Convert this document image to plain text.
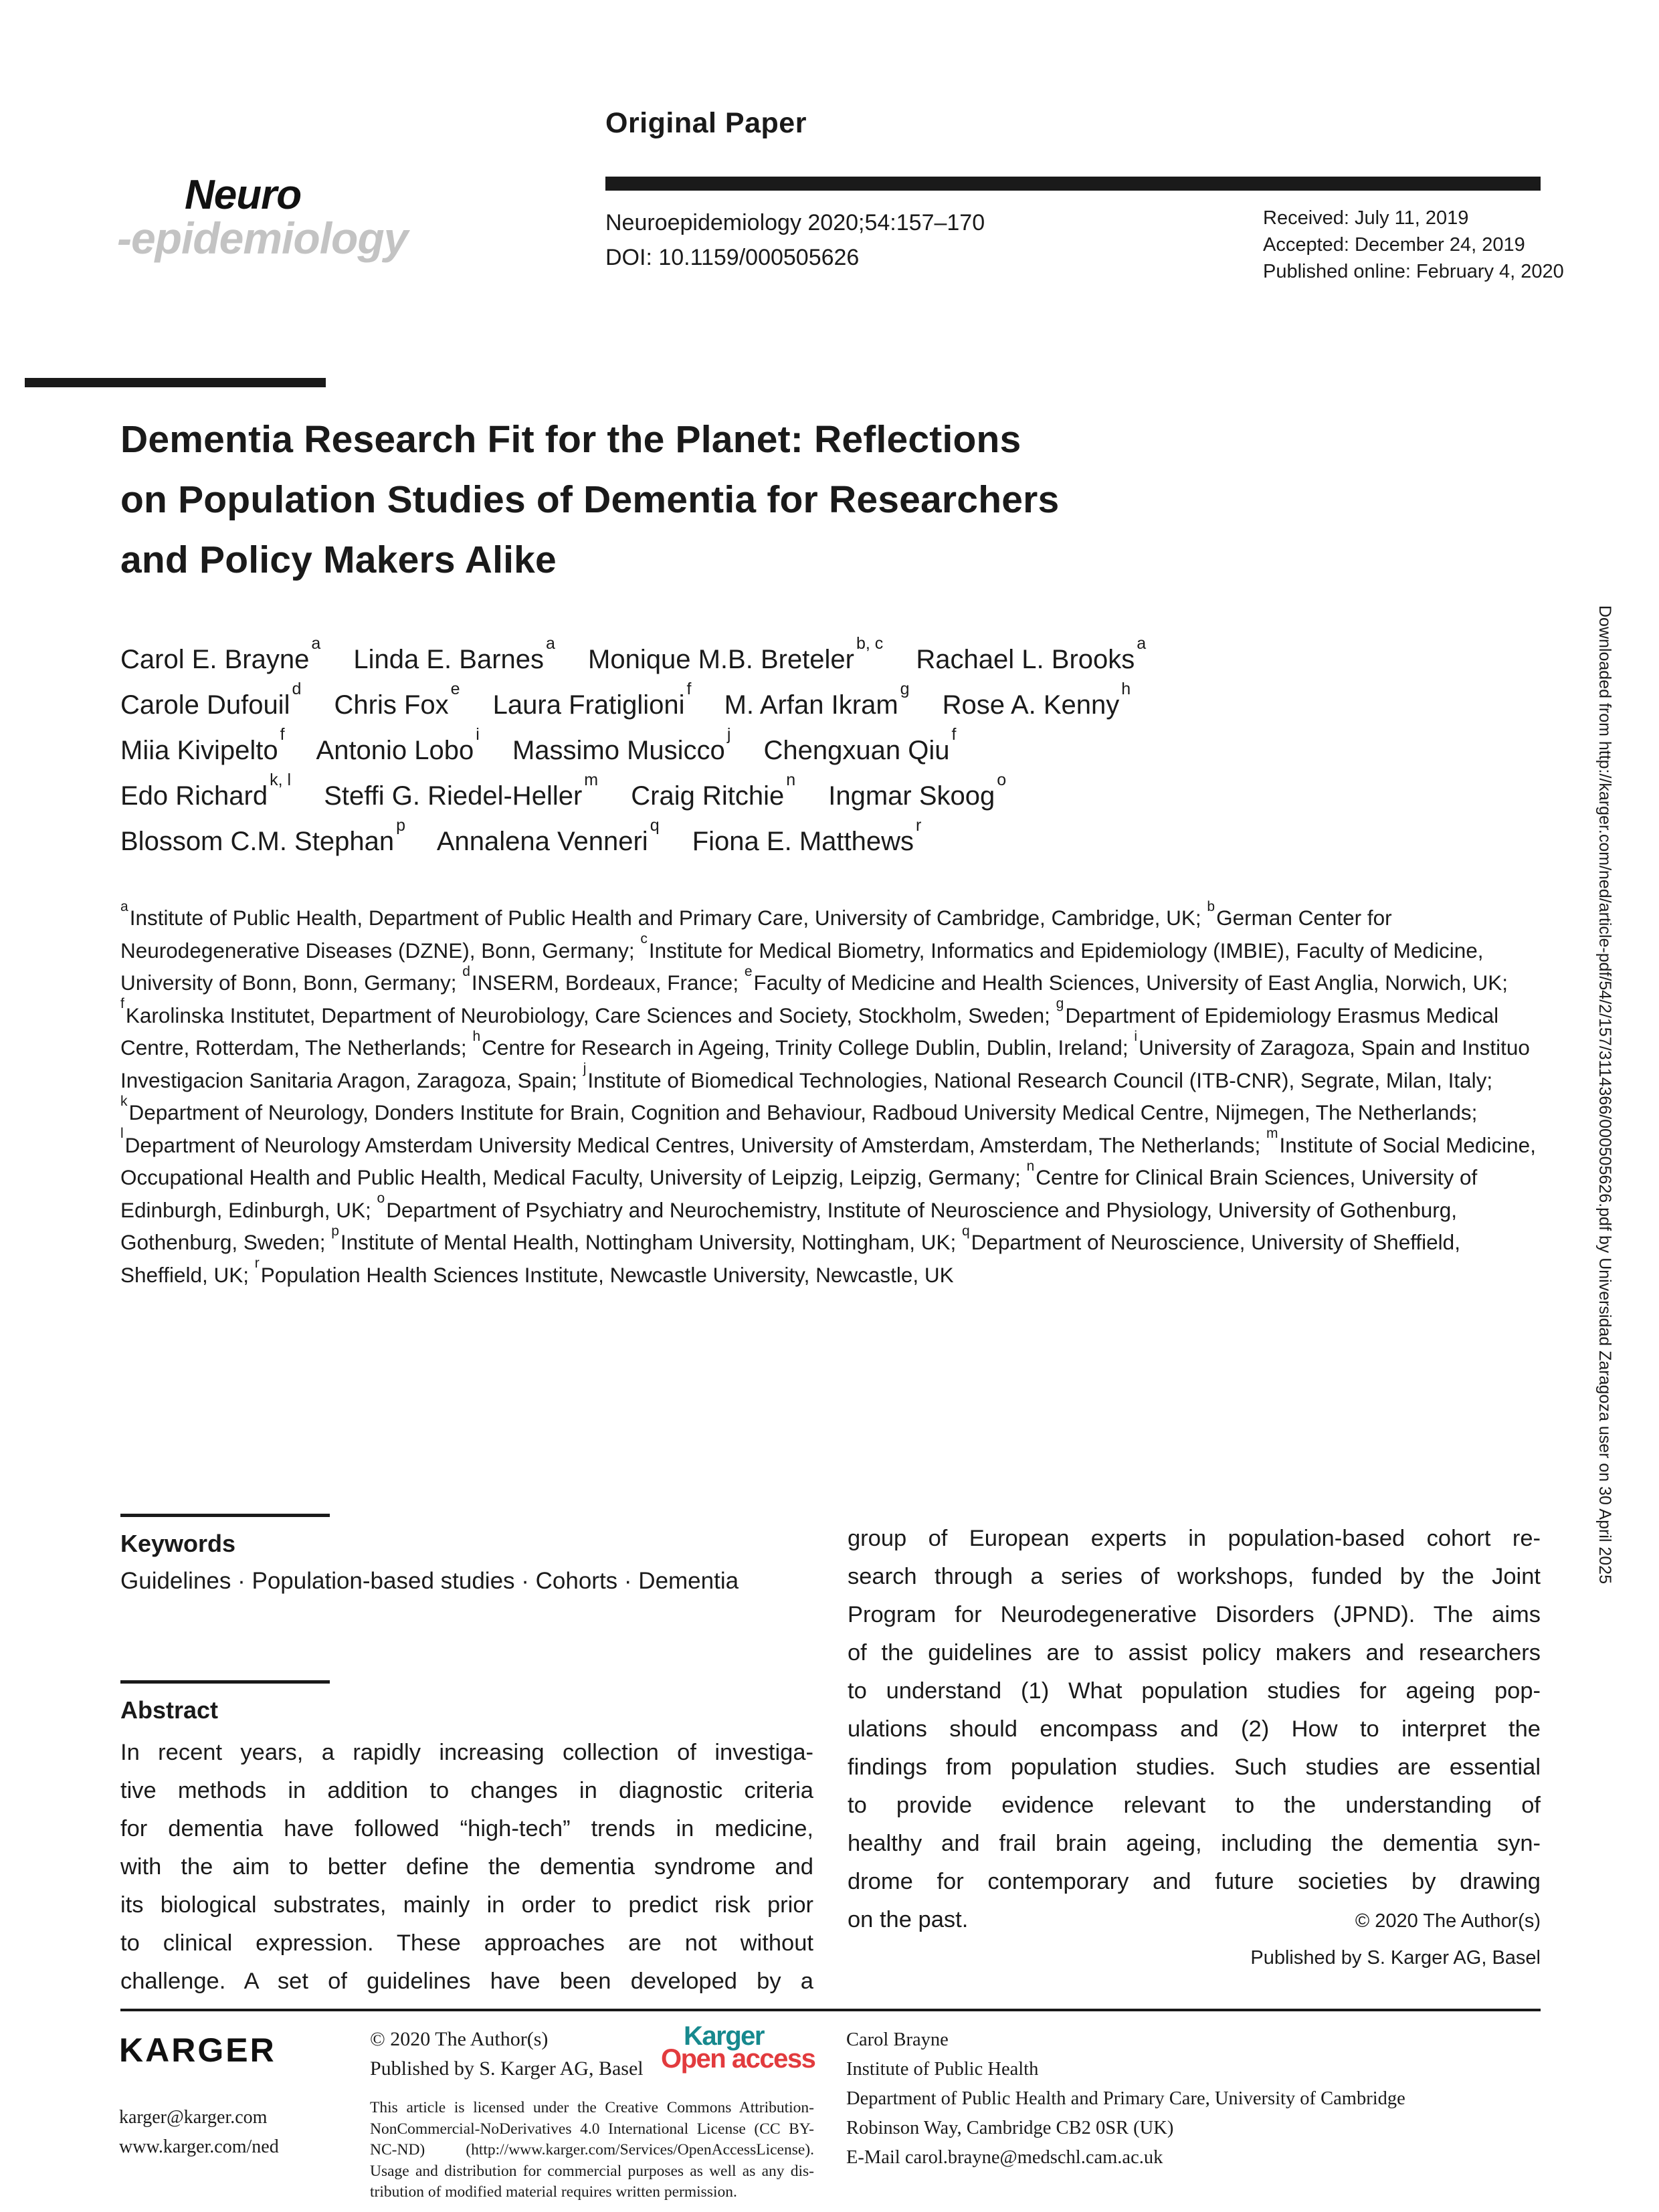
Original Paper
Neuro
-epidemiology	Neuroepidemiology 2020;54:157–170
DOI: 10.1159/000505626
Received: July 11, 2019
Accepted: December 24, 2019
Published online: February 4, 2020
Dementia Research Fit for the Planet: Reflections
on Population Studies of Dementia for Researchers
and Policy Makers Alike
Carol E. Brayne$^a$ Linda E. Barnes$^a$ Monique M.B. Breteler$^{b, c}$ Rachael L. Brooks$^a$
Carole Dufouil$^d$ Chris Fox$^e$ Laura Fratiglioni$^f$ M. Arfan Ikram$^g$ Rose A. Kenny$^h$
Miia Kivipelto$^f$ Antonio Lobo$^i$ Massimo Musicco$^j$ Chengxuan Qiu$^f$
Edo Richard$^{k, l}$ Steffi G. Riedel-Heller$^m$ Craig Ritchie$^n$ Ingmar Skoog$^o$
Blossom C.M. Stephan$^p$ Annalena Venneri$^q$ Fiona E. Matthews$^r$

$^a$Institute of Public Health, Department of Public Health and Primary Care, University of Cambridge, Cambridge, UK; $^b$German Center for Neurodegenerative Diseases (DZNE), Bonn, Germany; $^c$Institute for Medical Biometry, Informatics and Epidemiology (IMBIE), Faculty of Medicine, University of Bonn, Bonn, Germany; $^d$INSERM, Bordeaux, France; $^e$Faculty of Medicine and Health Sciences, University of East Anglia, Norwich, UK; $^f$Karolinska Institutet, Department of Neurobiology, Care Sciences and Society, Stockholm, Sweden; $^g$Department of Epidemiology Erasmus Medical Centre, Rotterdam, The Netherlands; $^h$Centre for Research in Ageing, Trinity College Dublin, Dublin, Ireland; $^i$University of Zaragoza, Spain and Instituo Investigacion Sanitaria Aragon, Zaragoza, Spain; $^j$Institute of Biomedical Technologies, National Research Council (ITB-CNR), Segrate, Milan, Italy; $^k$Department of Neurology, Donders Institute for Brain, Cognition and Behaviour, Radboud University Medical Centre, Nijmegen, The Netherlands; $^l$Department of Neurology Amsterdam University Medical Centres, University of Amsterdam, Amsterdam, The Netherlands; $^m$Institute of Social Medicine, Occupational Health and Public Health, Medical Faculty, University of Leipzig, Leipzig, Germany; $^n$Centre for Clinical Brain Sciences, University of Edinburgh, Edinburgh, UK; $^o$Department of Psychiatry and Neurochemistry, Institute of Neuroscience and Physiology, University of Gothenburg, Gothenburg, Sweden; $^p$Institute of Mental Health, Nottingham University, Nottingham, UK; $^q$Department of Neuroscience, University of Sheffield, Sheffield, UK; $^r$Population Health Sciences Institute, Newcastle University, Newcastle, UK

Keywords
Guidelines · Population-based studies · Cohorts · Dementia
Abstract
In recent years, a rapidly increasing collection of investiga-
tive methods in addition to changes in diagnostic criteria
for dementia have followed “high-tech” trends in medicine,
with the aim to better define the dementia syndrome and
its biological substrates, mainly in order to predict risk prior
to clinical expression. These approaches are not without
challenge. A set of guidelines have been developed by a
group of European experts in population-based cohort re-
search through a series of workshops, funded by the Joint
Program for Neurodegenerative Disorders (JPND). The aims
of the guidelines are to assist policy makers and researchers
to understand (1) What population studies for ageing pop-
ulations should encompass and (2) How to interpret the
findings from population studies. Such studies are essential
to provide evidence relevant to the understanding of
healthy and frail brain ageing, including the dementia syn-
drome for contemporary and future societies by drawing
on the past.	© 2020 The Author(s)
Published by S. Karger AG, Basel
KARGER
karger@karger.com
www.karger.com/ned
© 2020 The Author(s)
Published by S. Karger AG, Basel
This article is licensed under the Creative Commons Attribution-
NonCommercial-NoDerivatives 4.0 International License (CC BY-
NC-ND) (http://www.karger.com/Services/OpenAccessLicense).
Usage and distribution for commercial purposes as well as any dis-
tribution of modified material requires written permission.
Karger
Open access
Carol Brayne
Institute of Public Health
Department of Public Health and Primary Care, University of Cambridge
Robinson Way, Cambridge CB2 0SR (UK)
E-Mail carol.brayne@medschl.cam.ac.uk
Downloaded from http://karger.com/ned/article-pdf/54/2/157/3114366/000505626.pdf by Universidad Zaragoza user on 30 April 2025
